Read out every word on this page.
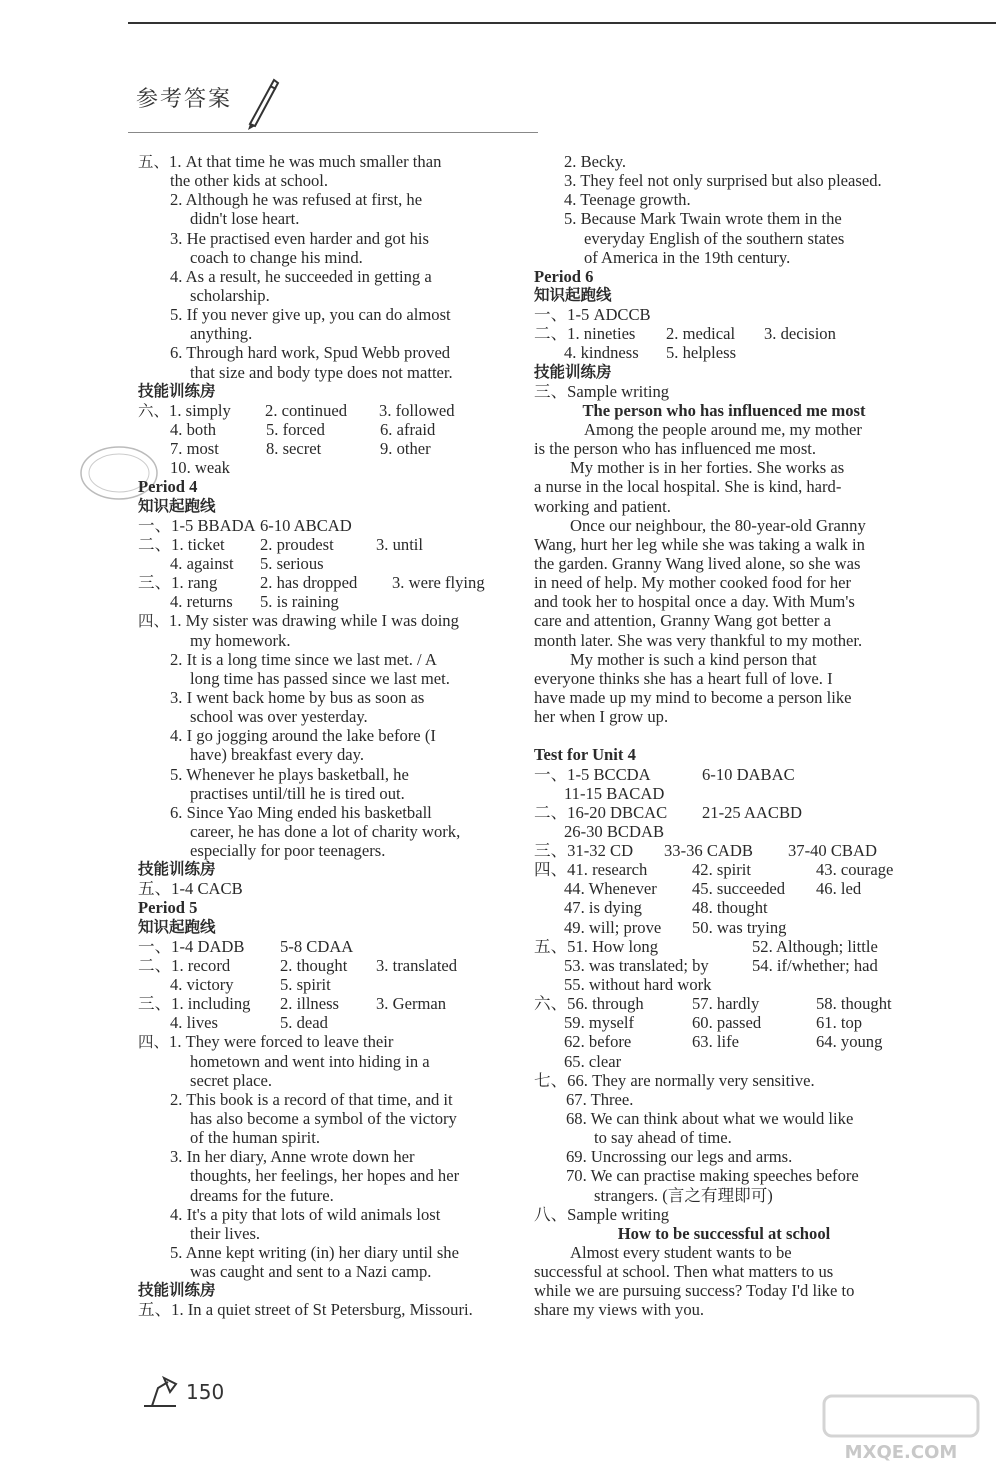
参考答案
五、1. At that time he was much smaller than
the other kids at school.
2. Although he was refused at first, he
didn't lose heart.
3. He practised even harder and got his
coach to change his mind.
4. As a result, he succeeded in getting a
scholarship.
5. If you never give up, you can do almost
anything.
6. Through hard work, Spud Webb proved
that size and body type does not matter.
技能训练房
六、1. simply 2. continued 3. followed
4. both	5. forced	6. afraid
7. most	8. secret	9. other
10. weak
Period 4
知识起跑线
一、1-5 BBADA 6-10 ABCAD
二、1. ticket 2. proudest	3. until
4. against 5. serious
三、1. rang	2. has dropped 3. were flying
4. returns 5. is raining
四、1. My sister was drawing while I was doing
my homework.
2. It is a long time since we last met. / A
long time has passed since we last met.
3. I went back home by bus as soon as
school was over yesterday.
4. I go jogging around the lake before (I
have) breakfast every day.
5. Whenever he plays basketball, he
practises until/till he is tired out.
6. Since Yao Ming ended his basketball
career, he has done a lot of charity work,
especially for poor teenagers.
技能训练房
五、1-4 CACB
Period 5
知识起跑线
一、1-4 DADB 5-8 CDAA
二、1. record	2. thought 3. translated
4. victory	5. spirit
三、1. including 2. illness 3. German
4. lives	5. dead
四、1. They were forced to leave their
hometown and went into hiding in a
secret place.
2. This book is a record of that time, and it
has also become a symbol of the victory
of the human spirit.
3. In her diary, Anne wrote down her
thoughts, her feelings, her hopes and her
dreams for the future.
4. It's a pity that lots of wild animals lost
their lives.
5. Anne kept writing (in) her diary until she
was caught and sent to a Nazi camp.
技能训练房
五、1. In a quiet street of St Petersburg, Missouri.
2. Becky.
3. They feel not only surprised but also pleased.
4. Teenage growth.
5. Because Mark Twain wrote them in the
everyday English of the southern states
of America in the 19th century.
Period 6
知识起跑线
一、1-5 ADCCB
二、1. nineties 2. medical 3. decision
4. kindness 5. helpless
技能训练房
三、Sample writing
The person who has influenced me most
Among the people around me, my mother
is the person who has influenced me most.
My mother is in her forties. She works as
a nurse in the local hospital. She is kind, hard-
working and patient.
Once our neighbour, the 80-year-old Granny
Wang, hurt her leg while she was taking a walk in
the garden. Granny Wang lived alone, so she was
in need of help. My mother cooked food for her
and took her to hospital once a day. With Mum's
care and attention, Granny Wang got better a
month later. She was very thankful to my mother.
My mother is such a kind person that
everyone thinks she has a heart full of love. I
have made up my mind to become a person like
her when I grow up.
Test for Unit 4
一、1-5 BCCDA	6-10 DABAC
11-15 BACAD
二、16-20 DBCAC 21-25 AACBD
26-30 BCDAB
三、31-32 CD 33-36 CADB 37-40 CBAD
四、41. research	42. spirit	43. courage
44. Whenever 45. succeeded 46. led
47. is dying	48. thought
49. will; prove 50. was trying
五、51. How long	52. Although; little
53. was translated; by	54. if/whether; had
55. without hard work
六、56. through	57. hardly	58. thought
59. myself	60. passed	61. top
62. before	63. life	64. young
65. clear
七、66. They are normally very sensitive.
67. Three.
68. We can think about what we would like
to say ahead of time.
69. Uncrossing our legs and arms.
70. We can practise making speeches before
strangers. (言之有理即可)
八、Sample writing
How to be successful at school
Almost every student wants to be
successful at school. Then what matters to us
while we are pursuing success? Today I'd like to
share my views with you.
150
MXQE.COM
